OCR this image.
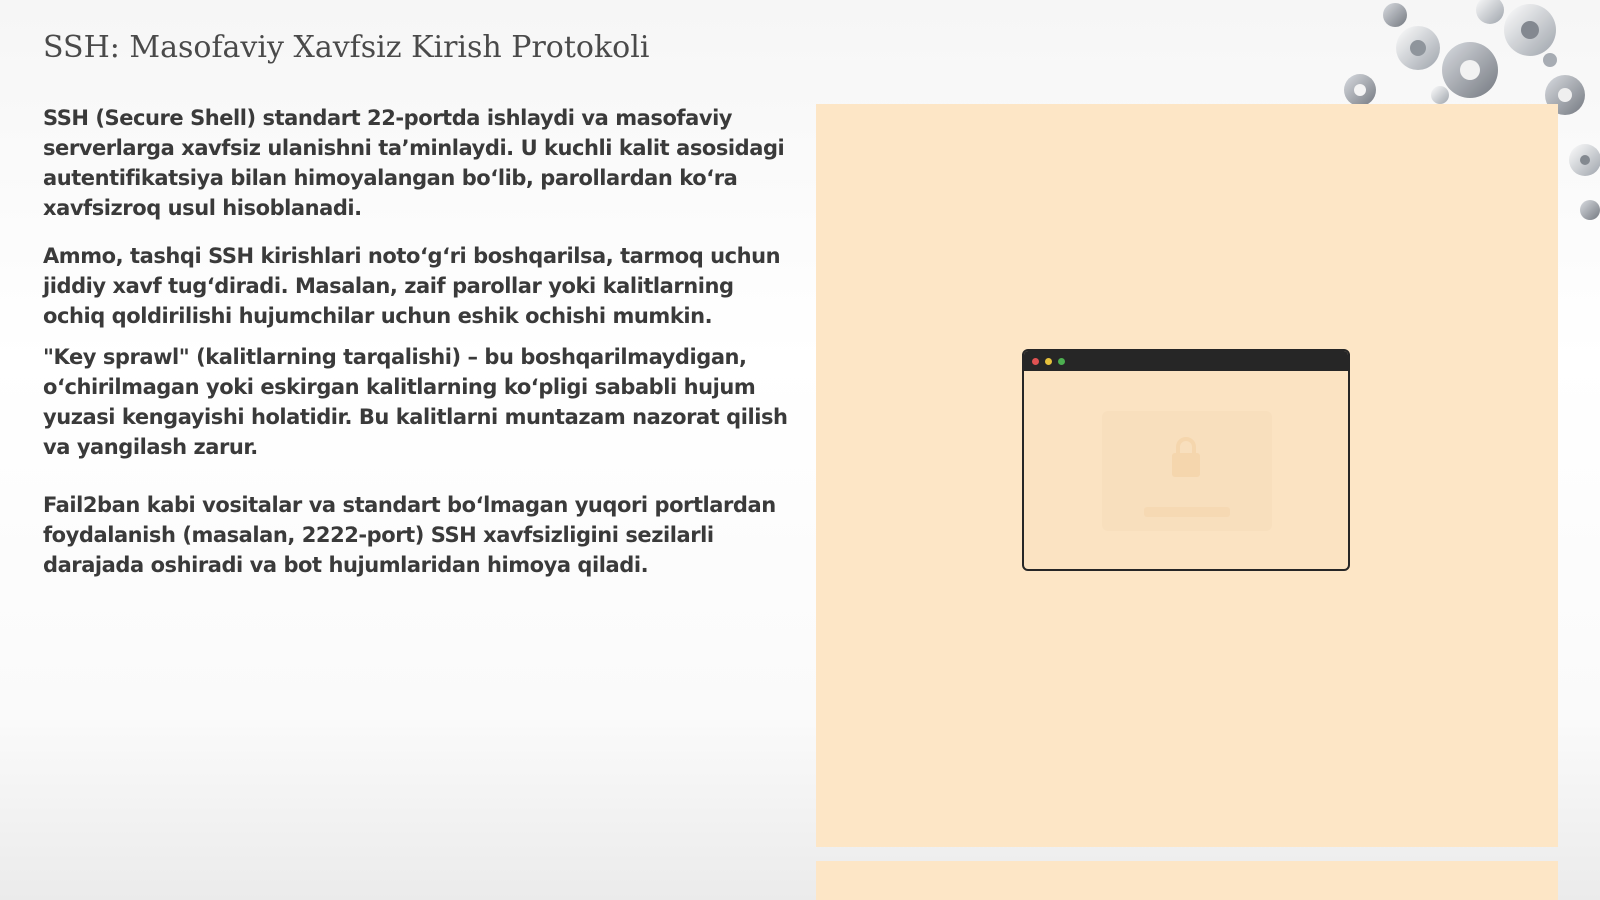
SSH: Masofaviy Xavfsiz Kirish Protokoli

SSH (Secure Shell) standart 22-portda ishlaydi va masofaviy serverlarga xavfsiz ulanishni ta’minlaydi. U kuchli kalit asosidagi autentifikatsiya bilan himoyalangan bo‘lib, parollardan ko‘ra xavfsizroq usul hisoblanadi.

Ammo, tashqi SSH kirishlari noto‘g‘ri boshqarilsa, tarmoq uchun jiddiy xavf tug‘diradi. Masalan, zaif parollar yoki kalitlarning ochiq qoldirilishi hujumchilar uchun eshik ochishi mumkin.

"Key sprawl" (kalitlarning tarqalishi) – bu boshqarilmaydigan, o‘chirilmagan yoki eskirgan kalitlarning ko‘pligi sababli hujum yuzasi kengayishi holatidir. Bu kalitlarni muntazam nazorat qilish va yangilash zarur.

Fail2ban kabi vositalar va standart bo‘lmagan yuqori portlardan foydalanish (masalan, 2222-port) SSH xavfsizligini sezilarli darajada oshiradi va bot hujumlaridan himoya qiladi.
